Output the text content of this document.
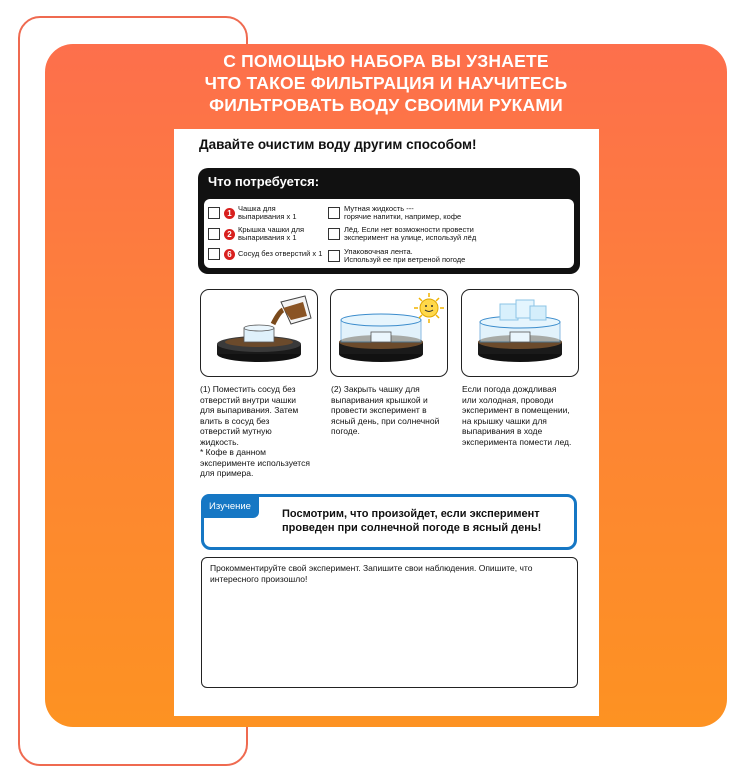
С ПОМОЩЬЮ НАБОРА ВЫ УЗНАЕТЕ
ЧТО ТАКОЕ ФИЛЬТРАЦИЯ И НАУЧИТЕСЬ
ФИЛЬТРОВАТЬ ВОДУ СВОИМИ РУКАМИ
Давайте очистим воду другим способом!
Что потребуется:
1 Чашка для
выпаривания х 1
2 Крышка чашки для
выпаривания х 1
6 Сосуд без отверстий х 1
Мутная жидкость ---
горячие напитки, например, кофе
Лёд. Если нет возможности провести
эксперимент на улице, используй лёд
Упаковочная лента.
Используй ее при ветреной погоде

(1) Поместить сосуд без
отверстий внутри чашки
для выпаривания. Затем
влить в сосуд без
отверстий мутную
жидкость.
* Кофе в данном
эксперименте используется
для примера.

(2) Закрыть чашку для
выпаривания крышкой и
провести эксперимент в
ясный день, при солнечной
погоде.

Если погода дождливая
или холодная, проводи
эксперимент в помещении,
на крышку чашки для
выпаривания в ходе
эксперимента помести лед.

Изучение

Посмотрим, что произойдет, если эксперимент
проведен при солнечной погоде в ясный день!

Прокомментируйте свой эксперимент. Запишите свои наблюдения. Опишите, что интересного произошло!
